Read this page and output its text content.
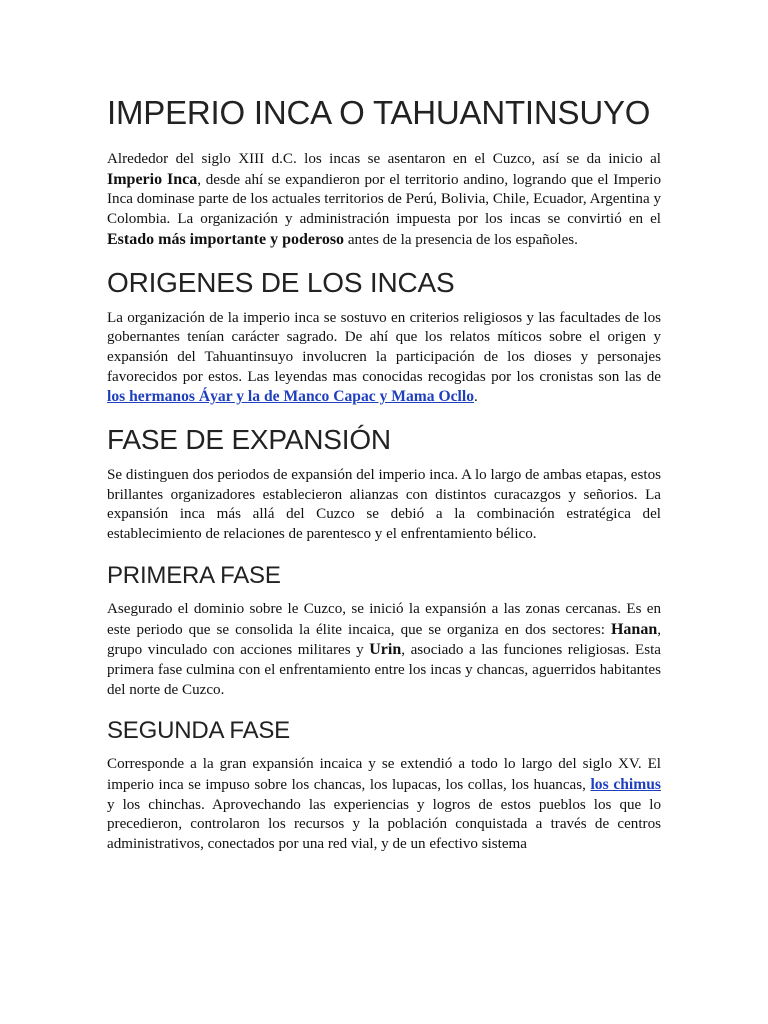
IMPERIO INCA O TAHUANTINSUYO

Alrededor del siglo XIII d.C. los incas se asentaron en el Cuzco, así se da inicio al Imperio Inca, desde ahí se expandieron por el territorio andino, logrando que el Imperio Inca dominase parte de los actuales territorios de Perú, Bolivia, Chile, Ecuador, Argentina y Colombia. La organización y administración impuesta por los incas se convirtió en el Estado más importante y poderoso antes de la presencia de los españoles.

ORIGENES DE LOS INCAS

La organización de la imperio inca se sostuvo en criterios religiosos y las facultades de los gobernantes tenían carácter sagrado. De ahí que los relatos míticos sobre el origen y expansión del Tahuantinsuyo involucren la participación de los dioses y personajes favorecidos por estos. Las leyendas mas conocidas recogidas por los cronistas son las de los hermanos Áyar y la de Manco Capac y Mama Ocllo.

FASE DE EXPANSIÓN

Se distinguen dos periodos de expansión del imperio inca. A lo largo de ambas etapas, estos brillantes organizadores establecieron alianzas con distintos curacazgos y señorios. La expansión inca más allá del Cuzco se debió a la combinación estratégica del establecimiento de relaciones de parentesco y el enfrentamiento bélico.

PRIMERA FASE

Asegurado el dominio sobre le Cuzco, se inició la expansión a las zonas cercanas. Es en este periodo que se consolida la élite incaica, que se organiza en dos sectores: Hanan, grupo vinculado con acciones militares y Urin, asociado a las funciones religiosas. Esta primera fase culmina con el enfrentamiento entre los incas y chancas, aguerridos habitantes del norte de Cuzco.

SEGUNDA FASE

Corresponde a la gran expansión incaica y se extendió a todo lo largo del siglo XV. El imperio inca se impuso sobre los chancas, los lupacas, los collas, los huancas, los chimus y los chinchas. Aprovechando las experiencias y logros de estos pueblos los que lo precedieron, controlaron los recursos y la población conquistada a través de centros administrativos, conectados por una red vial, y de un efectivo sistema
